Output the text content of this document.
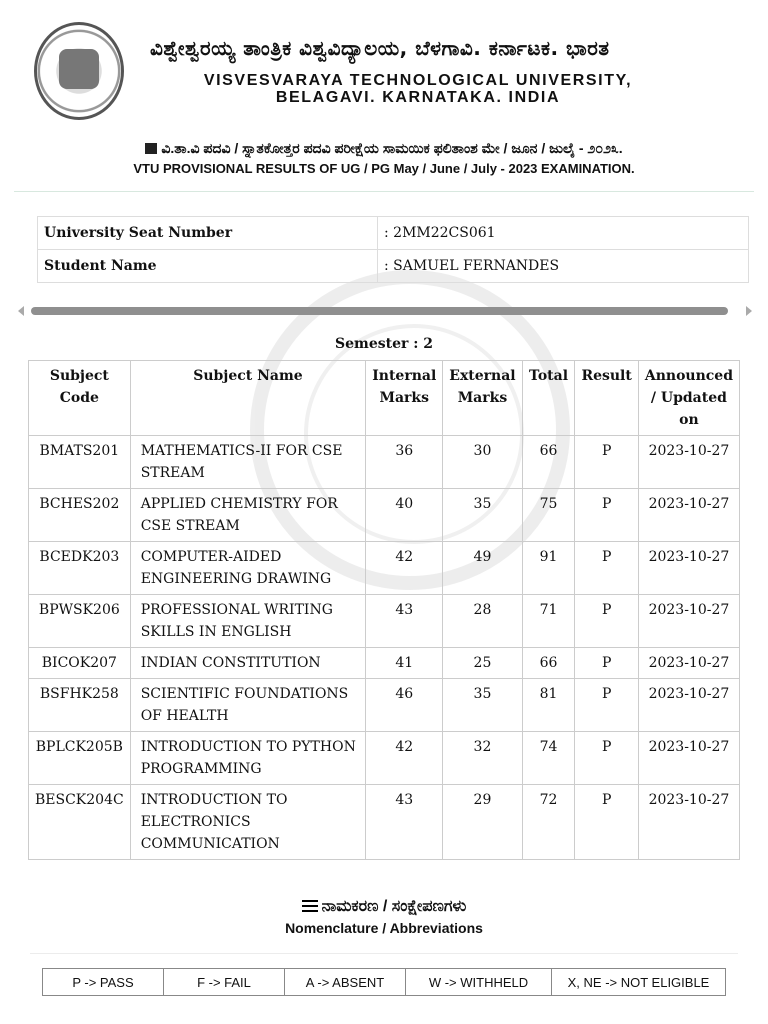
ವಿಶ್ವೇಶ್ವರಯ್ಯ ತಾಂತ್ರಿಕ ವಿಶ್ವವಿದ್ಯಾಲಯ, ಬೆಳಗಾವಿ. ಕರ್ನಾಟಕ. ಭಾರತ
VISVESVARAYA TECHNOLOGICAL UNIVERSITY,
BELAGAVI. KARNATAKA. INDIA
ವಿ.ತಾ.ವಿ ಪದವಿ / ಸ್ನಾತಕೋತ್ತರ ಪದವಿ ಪರೀಕ್ಷೆಯ ಸಾಮಯಿಕ ಫಲಿತಾಂಶ ಮೇ / ಜೂನ / ಜುಲೈ - ೨೦೨೩.
VTU PROVISIONAL RESULTS OF UG / PG May / June / July - 2023 EXAMINATION.
University Seat Number	: 2MM22CS061
Student Name	: SAMUEL FERNANDES
Semester : 2
Subject Code	Subject Name	Internal Marks	External Marks	Total	Result	Announced / Updated on
BMATS201	MATHEMATICS-II FOR CSE STREAM	36	30	66	P	2023-10-27
BCHES202	APPLIED CHEMISTRY FOR CSE STREAM	40	35	75	P	2023-10-27
BCEDK203	COMPUTER-AIDED ENGINEERING DRAWING	42	49	91	P	2023-10-27
BPWSK206	PROFESSIONAL WRITING SKILLS IN ENGLISH	43	28	71	P	2023-10-27
BICOK207	INDIAN CONSTITUTION	41	25	66	P	2023-10-27
BSFHK258	SCIENTIFIC FOUNDATIONS OF HEALTH	46	35	81	P	2023-10-27
BPLCK205B	INTRODUCTION TO PYTHON PROGRAMMING	42	32	74	P	2023-10-27
BESCK204C	INTRODUCTION TO ELECTRONICS COMMUNICATION	43	29	72	P	2023-10-27
ನಾಮಕರಣ / ಸಂಕ್ಷೇಪಣಗಳು
Nomenclature / Abbreviations
P -> PASS	F -> FAIL	A -> ABSENT	W -> WITHHELD	X, NE -> NOT ELIGIBLE
